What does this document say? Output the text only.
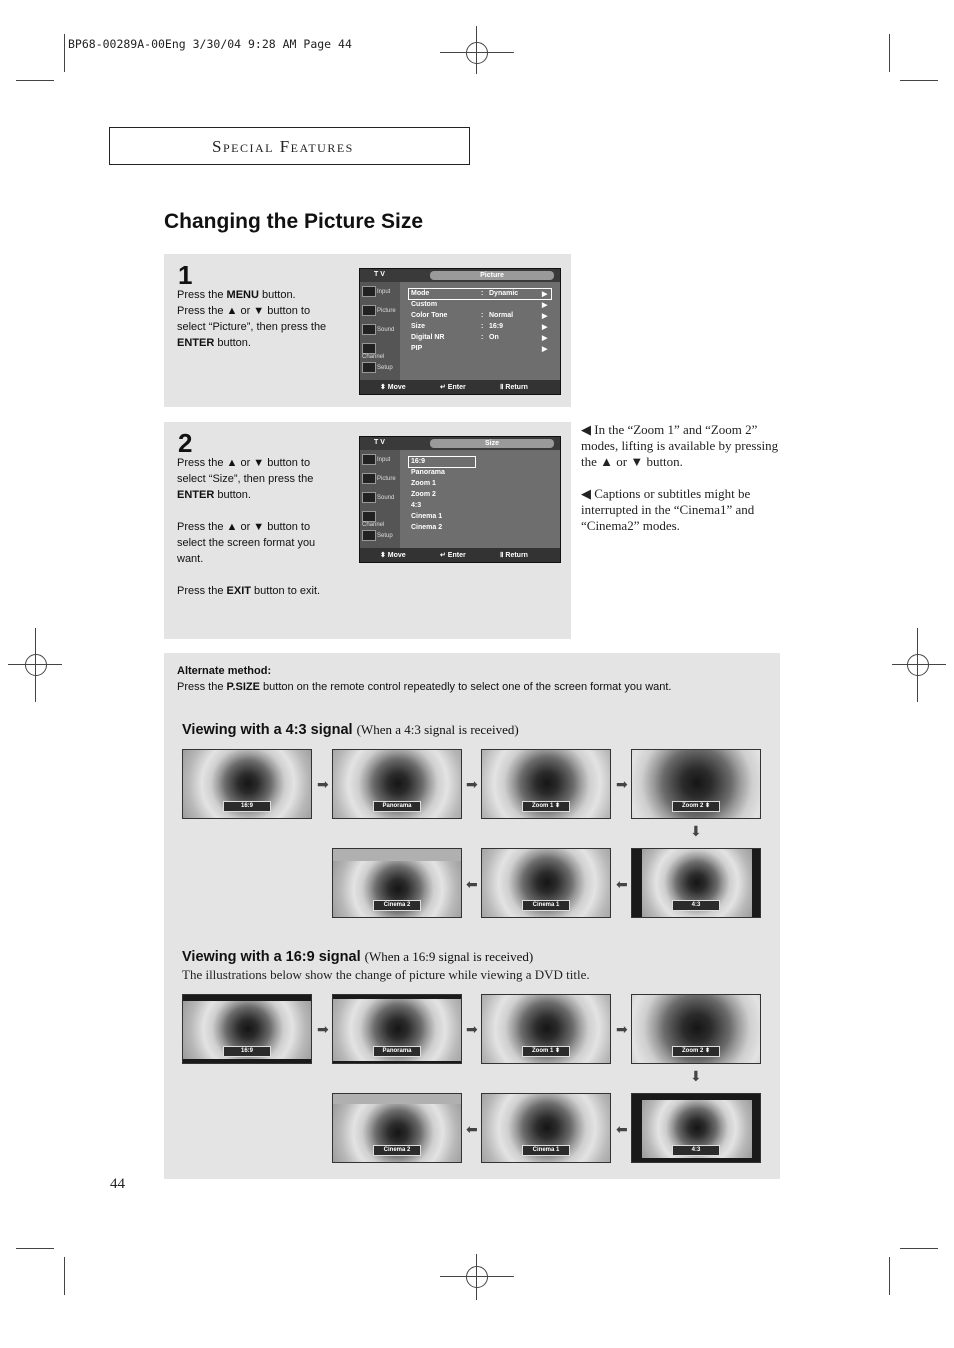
BP68-00289A-00Eng 3/30/04 9:28 AM Page 44
Special Features
Changing the Picture Size
1

Press the MENU button.

Press the ▲ or ▼ button to

select “Picture”, then press the

ENTER button.

T V	Picture
Input
Picture
Sound
Channel
Setup
Mode	: Dynamic	▶
Custom	▶
Color Tone	: Normal	▶
Size	: 16:9	▶
Digital NR	: On	▶
PIP	▶
⬍ Move	↵ Enter	Ⅱ Return
2

Press the ▲ or ▼ button to

select “Size”, then press the

ENTER button.

Press the ▲ or ▼ button to

select the screen format you

want.

Press the EXIT button to exit.

T V	Size
Input
Picture
Sound
Channel
Setup
16:9
Panorama
Zoom 1
Zoom 2
4:3
Cinema 1
Cinema 2
⬍ Move	↵ Enter	Ⅱ Return

◀ In the “Zoom 1” and “Zoom 2” modes, lifting is available by pressing the ▲ or ▼ button.

◀ Captions or subtitles might be interrupted in the “Cinema1” and “Cinema2” modes.

Alternate method:
Press the P.SIZE button on the remote control repeatedly to select one of the screen format you want.
Viewing with a 4:3 signal (When a 4:3 signal is received)
Viewing with a 16:9 signal (When a 16:9 signal is received)
The illustrations below show the change of picture while viewing a DVD title.
16:9	Panorama	Zoom 1 ⬍	Zoom 2 ⬍
Cinema 2	Cinema 1	4:3
➡	➡	➡
⬇
⬅
⬅
16:9	Panorama	Zoom 1 ⬍	Zoom 2 ⬍
Cinema 2	Cinema 1	4:3
➡	➡	➡
⬇
⬅
⬅
44
